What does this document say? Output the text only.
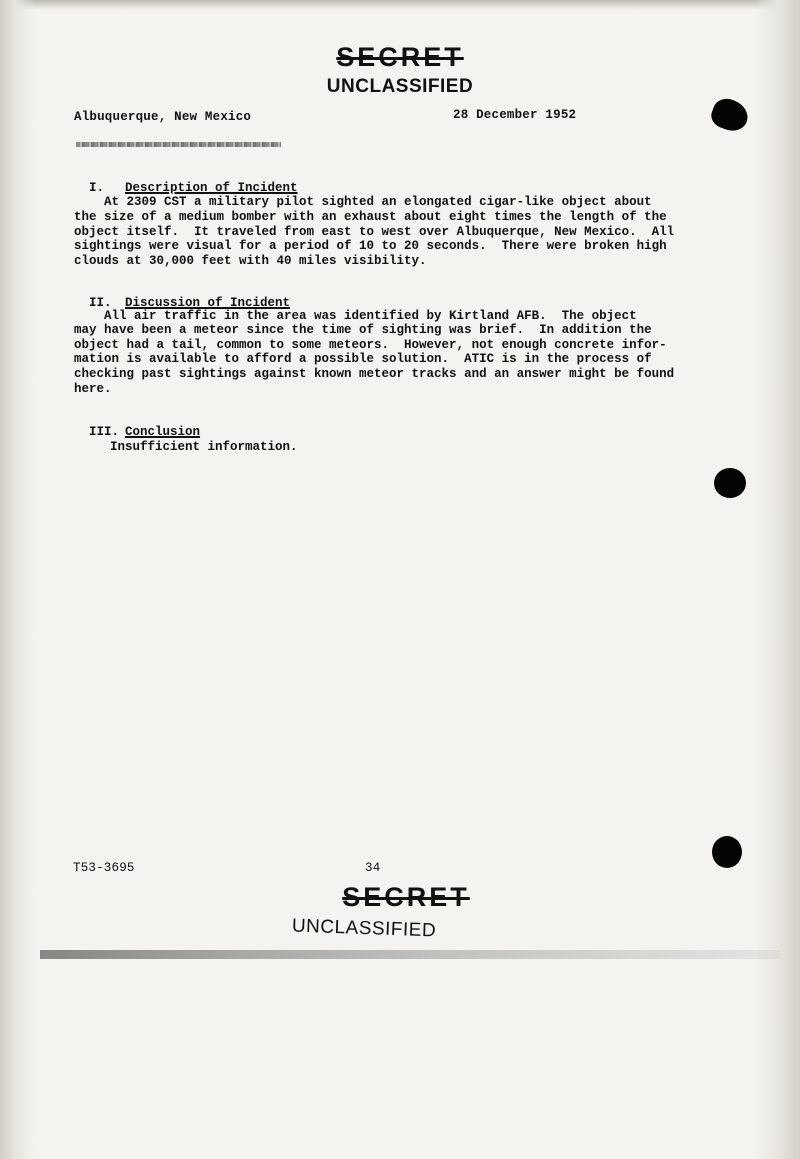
SECRET
UNCLASSIFIED
Albuquerque, New Mexico	28 December 1952

I. Description of Incident

At 2309 CST a military pilot sighted an elongated cigar-like object about
the size of a medium bomber with an exhaust about eight times the length of the
object itself.  It traveled from east to west over Albuquerque, New Mexico.  All
sightings were visual for a period of 10 to 20 seconds.  There were broken high
clouds at 30,000 feet with 40 miles visibility.

II. Discussion of Incident

All air traffic in the area was identified by Kirtland AFB.  The object
may have been a meteor since the time of sighting was brief.  In addition the
object had a tail, common to some meteors.  However, not enough concrete infor-
mation is available to afford a possible solution.  ATIC is in the process of
checking past sightings against known meteor tracks and an answer might be found
here.

III. Conclusion

Insufficient information.
T53-3695	34
SECRET
UNCLASSIFIED
